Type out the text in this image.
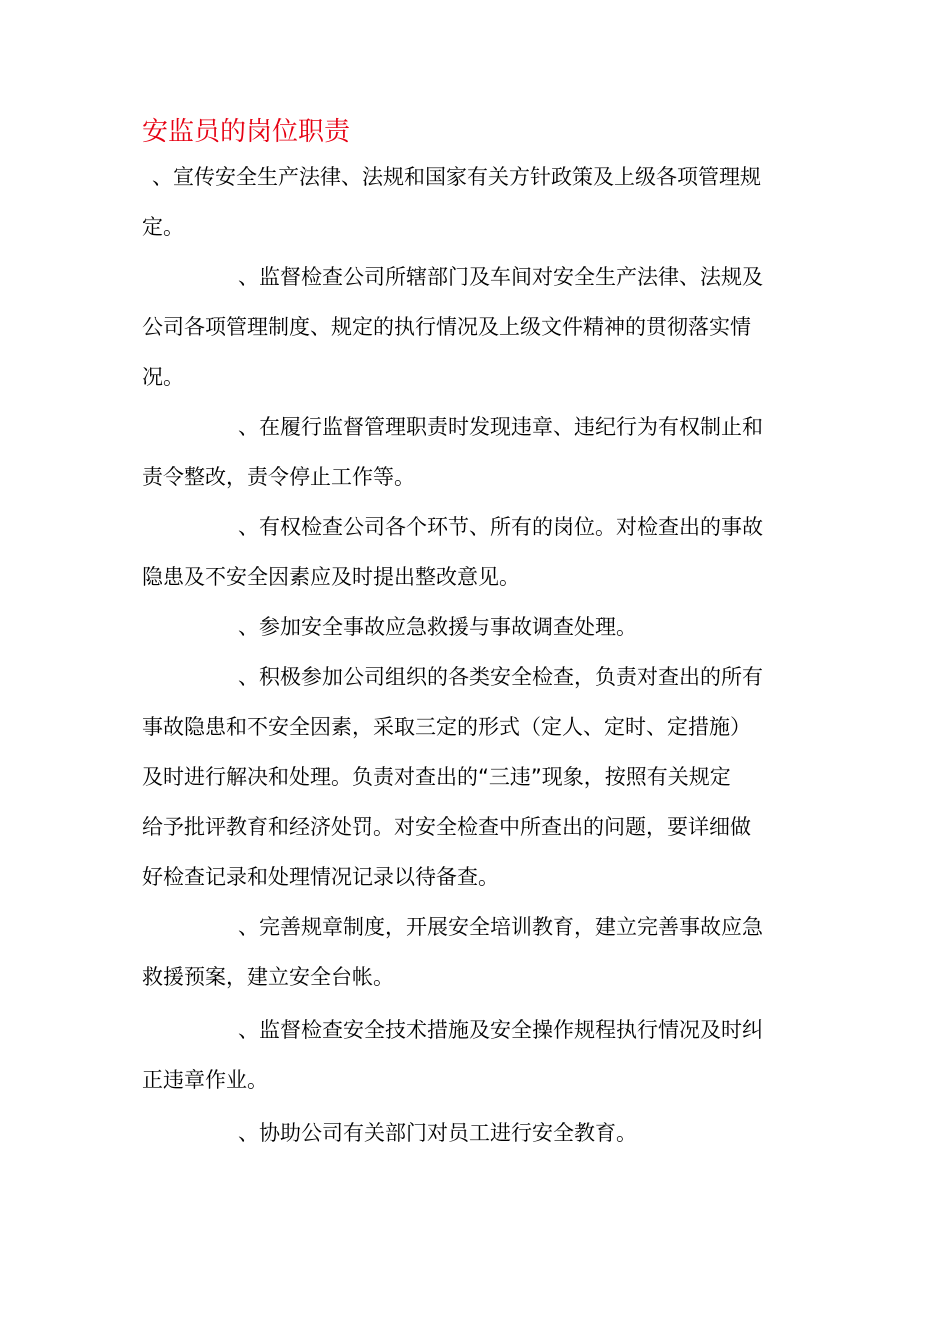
安监员的岗位职责
、宣传安全生产法律、法规和国家有关方针政策及上级各项管理规
定。
、监督检查公司所辖部门及车间对安全生产法律、法规及
公司各项管理制度、规定的执行情况及上级文件精神的贯彻落实情
况。
、在履行监督管理职责时发现违章、违纪行为有权制止和
责令整改，责令停止工作等。
、有权检查公司各个环节、所有的岗位。对检查出的事故
隐患及不安全因素应及时提出整改意见。
、参加安全事故应急救援与事故调查处理。
、积极参加公司组织的各类安全检查，负责对查出的所有
事故隐患和不安全因素，采取三定的形式（定人、定时、定措施）
及时进行解决和处理。负责对查出的“三违”现象，按照有关规定
给予批评教育和经济处罚。对安全检查中所查出的问题，要详细做
好检查记录和处理情况记录以待备查。
、完善规章制度，开展安全培训教育，建立完善事故应急
救援预案，建立安全台帐。
、监督检查安全技术措施及安全操作规程执行情况及时纠
正违章作业。
、协助公司有关部门对员工进行安全教育。
